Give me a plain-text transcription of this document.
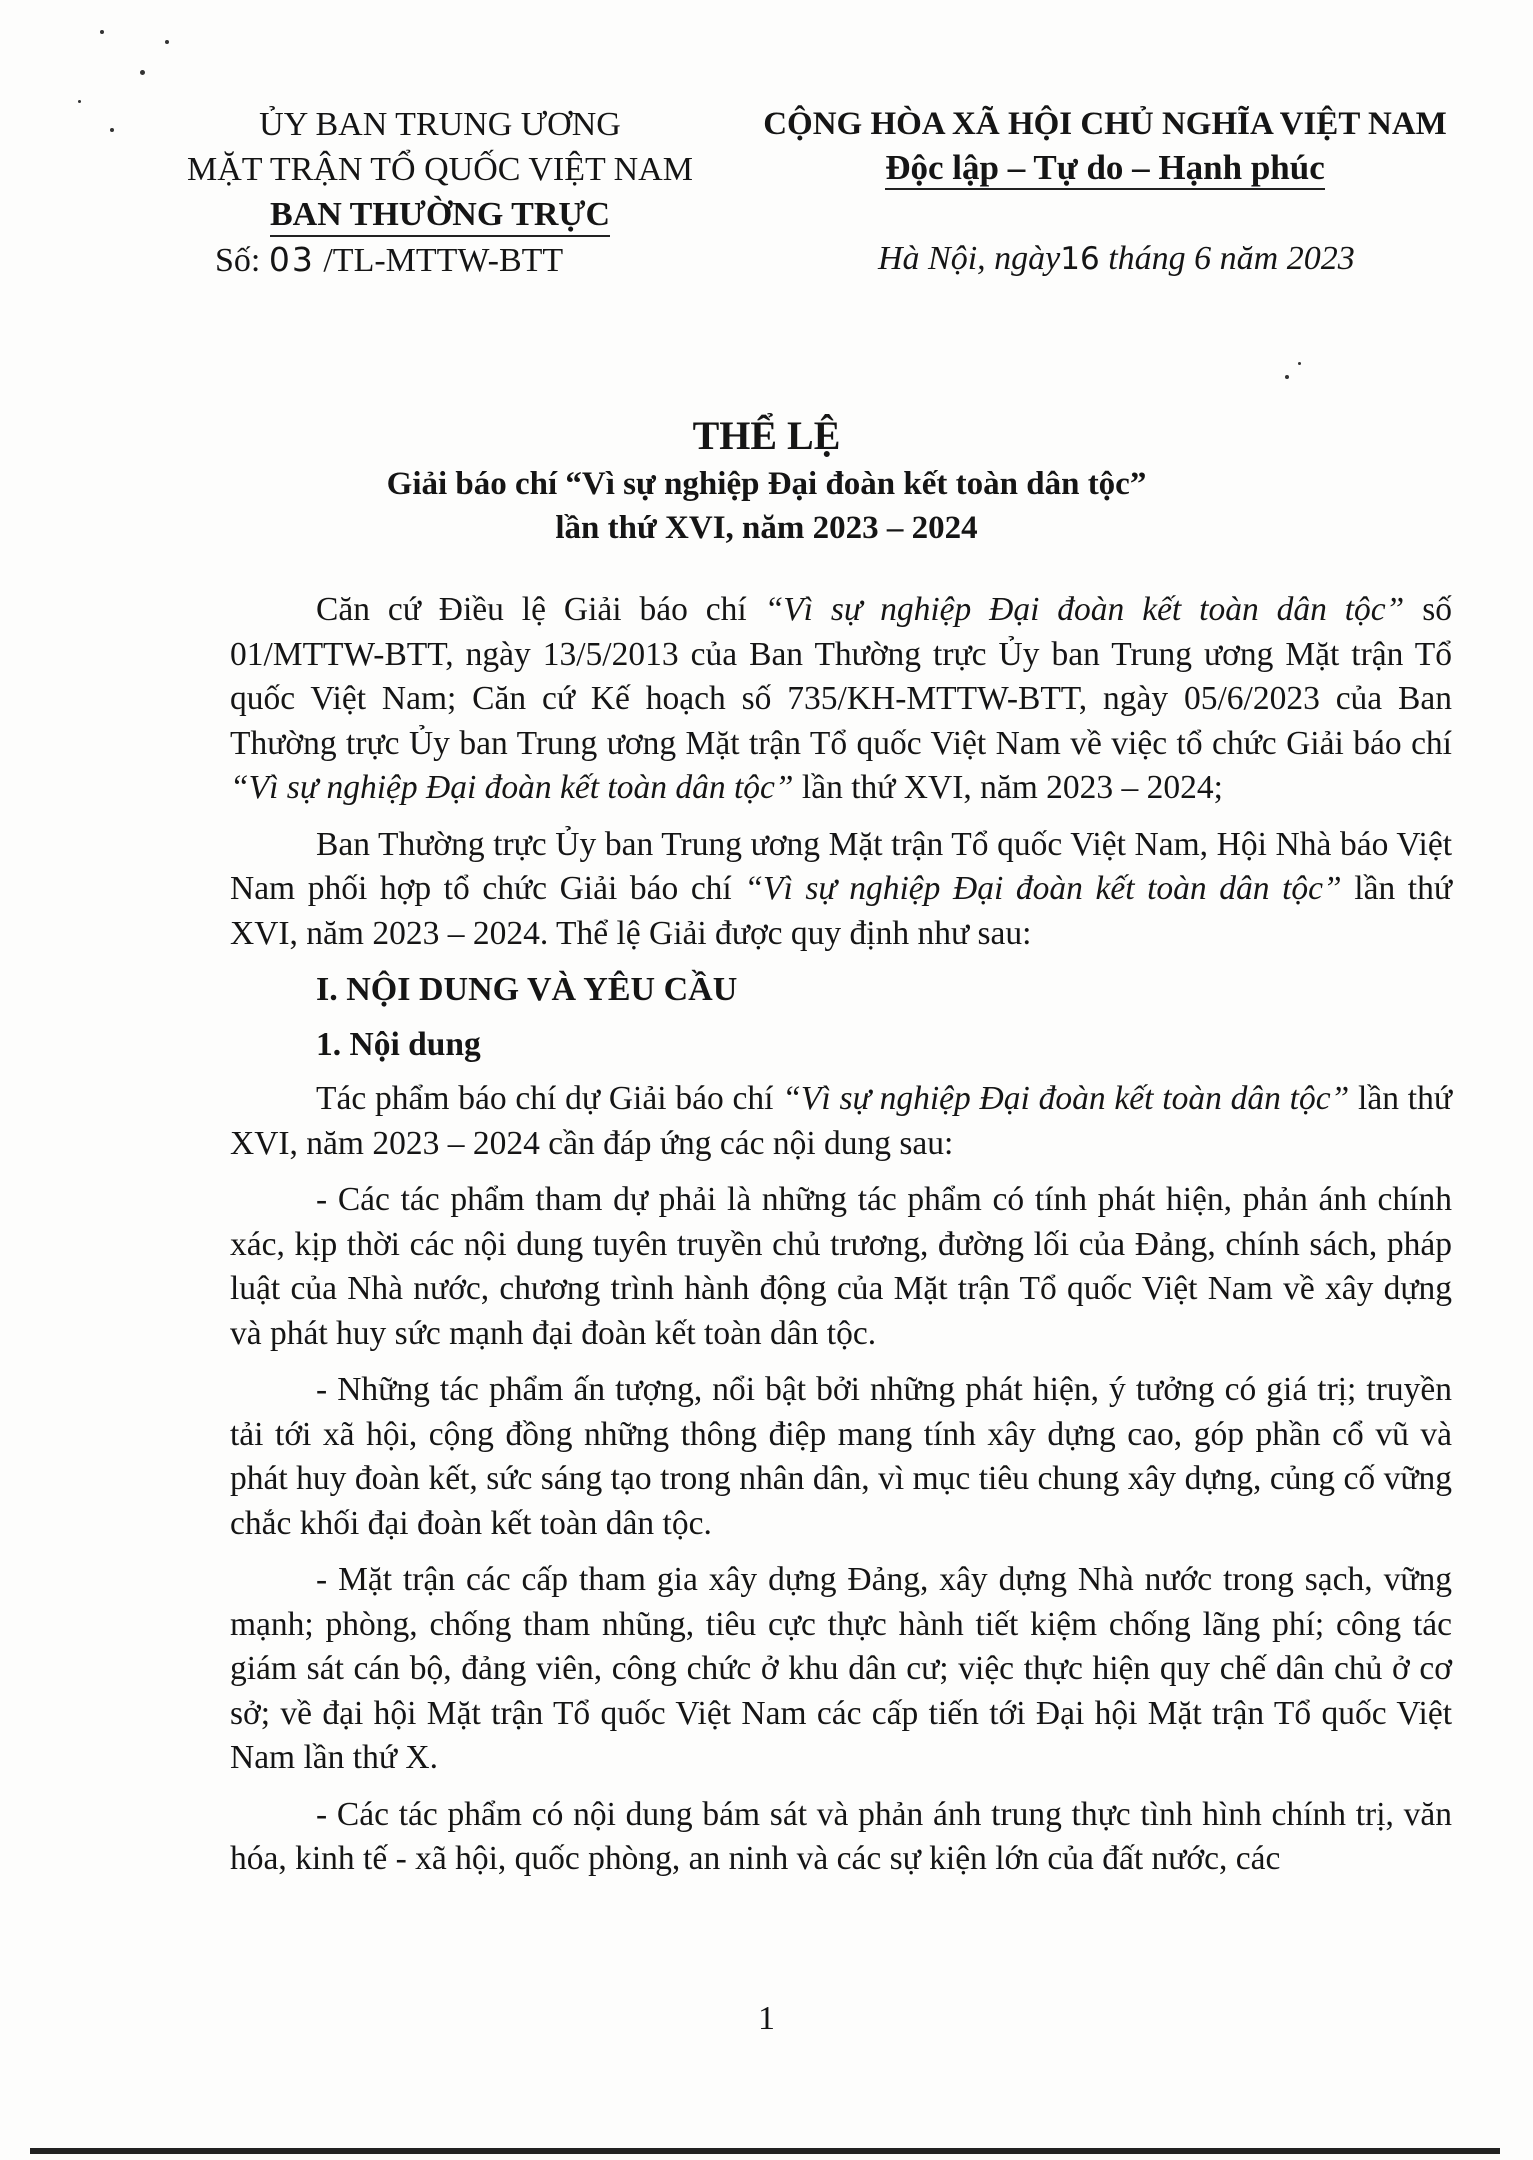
ỦY BAN TRUNG ƯƠNG
MẶT TRẬN TỔ QUỐC VIỆT NAM
BAN THƯỜNG TRỰC
Số: 03 /TL-MTTW-BTT
CỘNG HÒA XÃ HỘI CHỦ NGHĨA VIỆT NAM
Độc lập – Tự do – Hạnh phúc
Hà Nội, ngày16 tháng 6 năm 2023
THỂ LỆ
Giải báo chí “Vì sự nghiệp Đại đoàn kết toàn dân tộc”
lần thứ XVI, năm 2023 – 2024

Căn cứ Điều lệ Giải báo chí “Vì sự nghiệp Đại đoàn kết toàn dân tộc” số 01/MTTW-BTT, ngày 13/5/2013 của Ban Thường trực Ủy ban Trung ương Mặt trận Tổ quốc Việt Nam; Căn cứ Kế hoạch số 735/KH-MTTW-BTT, ngày 05/6/2023 của Ban Thường trực Ủy ban Trung ương Mặt trận Tổ quốc Việt Nam về việc tổ chức Giải báo chí “Vì sự nghiệp Đại đoàn kết toàn dân tộc” lần thứ XVI, năm 2023 – 2024;

Ban Thường trực Ủy ban Trung ương Mặt trận Tổ quốc Việt Nam, Hội Nhà báo Việt Nam phối hợp tổ chức Giải báo chí “Vì sự nghiệp Đại đoàn kết toàn dân tộc” lần thứ XVI, năm 2023 – 2024. Thể lệ Giải được quy định như sau:

I. NỘI DUNG VÀ YÊU CẦU
1. Nội dung

Tác phẩm báo chí dự Giải báo chí “Vì sự nghiệp Đại đoàn kết toàn dân tộc” lần thứ XVI, năm 2023 – 2024 cần đáp ứng các nội dung sau:

- Các tác phẩm tham dự phải là những tác phẩm có tính phát hiện, phản ánh chính xác, kịp thời các nội dung tuyên truyền chủ trương, đường lối của Đảng, chính sách, pháp luật của Nhà nước, chương trình hành động của Mặt trận Tổ quốc Việt Nam về xây dựng và phát huy sức mạnh đại đoàn kết toàn dân tộc.

- Những tác phẩm ấn tượng, nổi bật bởi những phát hiện, ý tưởng có giá trị; truyền tải tới xã hội, cộng đồng những thông điệp mang tính xây dựng cao, góp phần cổ vũ và phát huy đoàn kết, sức sáng tạo trong nhân dân, vì mục tiêu chung xây dựng, củng cố vững chắc khối đại đoàn kết toàn dân tộc.

- Mặt trận các cấp tham gia xây dựng Đảng, xây dựng Nhà nước trong sạch, vững mạnh; phòng, chống tham nhũng, tiêu cực thực hành tiết kiệm chống lãng phí; công tác giám sát cán bộ, đảng viên, công chức ở khu dân cư; việc thực hiện quy chế dân chủ ở cơ sở; về đại hội Mặt trận Tổ quốc Việt Nam các cấp tiến tới Đại hội Mặt trận Tổ quốc Việt Nam lần thứ X.

- Các tác phẩm có nội dung bám sát và phản ánh trung thực tình hình chính trị, văn hóa, kinh tế - xã hội, quốc phòng, an ninh và các sự kiện lớn của đất nước, các

1
